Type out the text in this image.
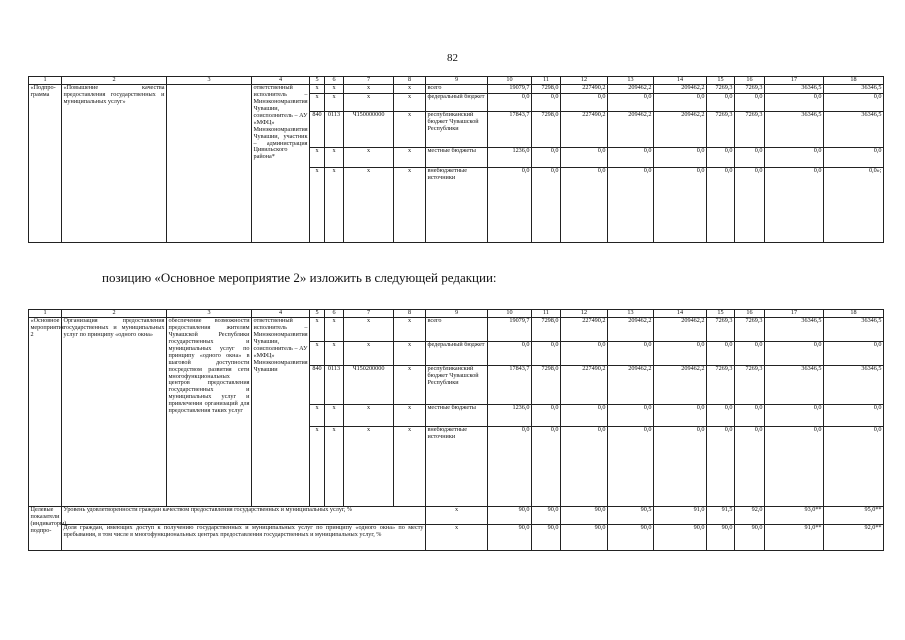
82
1	2	3	4	5	6	7	8	9	10	11	12	13	14	15	16	17	18
«Подпро-грамма	«Повышение качества предоставления государственных и муниципальных услуг»		ответственный исполнитель – Минэкономразвития Чувашии, соисполнитель – АУ «МФЦ» Минэкономразвития Чувашии, участник – администрация Цивильского района*	x	x	x	x	всего	19079,7	7298,0	227490,2	209462,2	209462,2	7269,3	7269,3	36346,5	36346,5
				x	x	x	x	федеральный бюджет	0,0	0,0	0,0	0,0	0,0	0,0	0,0	0,0	0,0
				840	0113	Ч150000000	x	республиканский бюджет Чувашской Республики	17843,7	7298,0	227490,2	209462,2	209462,2	7269,3	7269,3	36346,5	36346,5
				x	x	x	x	местные бюджеты	1236,0	0,0	0,0	0,0	0,0	0,0	0,0	0,0	0,0
				x	x	x	x	внебюджетные источники	0,0	0,0	0,0	0,0	0,0	0,0	0,0	0,0	0,0»;
позицию «Основное мероприятие 2» изложить в следующей редакции:
1	2	3	4	5	6	7	8	9	10	11	12	13	14	15	16	17	18
«Основное мероприятие 2	Организация предоставления государственных и муниципальных услуг по принципу «одного окна»	обеспечение возможности предоставления жителям Чувашской Республики государственных и муниципальных услуг по принципу «одного окна» в шаговой доступности посредством развития сети многофункциональных центров предоставления государственных и муниципальных услуг и привлечения организаций для предоставления таких услуг	ответственный исполнитель – Минэкономразвития Чувашии, соисполнитель – АУ «МФЦ» Минэкономразвития Чувашии	x	x	x	x	всего	19079,7	7298,0	227490,2	209462,2	209462,2	7269,3	7269,3	36346,5	36346,5
				x	x	x	x	федеральный бюджет	0,0	0,0	0,0	0,0	0,0	0,0	0,0	0,0	0,0
				840	0113	Ч150200000	x	республиканский бюджет Чувашской Республики	17843,7	7298,0	227490,2	209462,2	209462,2	7269,3	7269,3	36346,5	36346,5
				x	x	x	x	местные бюджеты	1236,0	0,0	0,0	0,0	0,0	0,0	0,0	0,0	0,0
				x	x	x	x	внебюджетные источники	0,0	0,0	0,0	0,0	0,0	0,0	0,0	0,0	0,0
Целевые показатели (индикаторы) подпро-	Уровень удовлетворенности граждан качеством предоставления государственных и муниципальных услуг, %							x	90,0	90,0	90,0	90,5	91,0	91,5	92,0	93,0**	95,0**
	Доля граждан, имеющих доступ к получению государственных и муниципальных услуг по принципу «одного окна» по месту пребывания, в том числе в многофункциональных центрах предоставления государственных и муниципальных услуг, %							x	90,0	90,0	90,0	90,0	90,0	90,0	90,0	91,0**	92,0**
